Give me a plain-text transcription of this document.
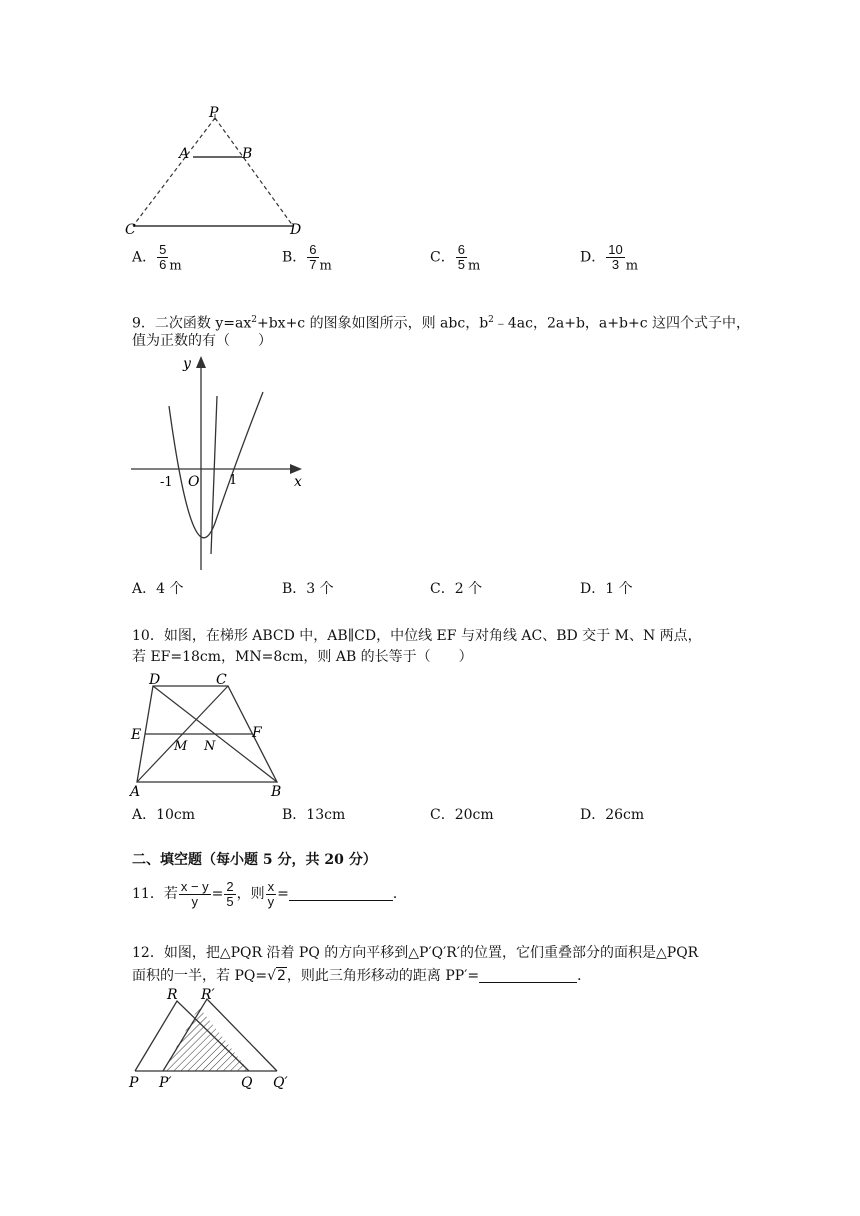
P
A	B
C	D
A． $\frac{5}{6}$ m
B． $\frac{6}{7}$ m
C． $\frac{6}{5}$ m
D． $\frac{10}{3}$ m
9．二次函数 $y=ax^2+bx+c$ 的图象如图所示，则 abc，$b^2﹣4ac$，2a+b，a+b+c 这四个式子中，
值为正数的有（　　）
y
x
O
-1	1
A．4 个	B．3 个	C．2 个	D．1 个
10．如图，在梯形 ABCD 中，AB∥CD，中位线 EF 与对角线 AC、BD 交于 M、N 两点，
若 EF=18cm，MN=8cm，则 AB 的长等于（　　）
D	C
E	F
M N
A	B
A．10cm	B．13cm	C．20cm	D．26cm
二、填空题（每小题 5 分，共 20 分）
11．若 $\frac{x - y}{y} = \frac{2}{5}$ ，则 $\frac{x}{y}$ =	．
12．如图，把△PQR 沿着 PQ 的方向平移到△P′Q′R′的位置，它们重叠部分的面积是△PQR
面积的一半，若 PQ=√2，则此三角形移动的距离 PP′=	．
R R′
P P′	Q Q′
